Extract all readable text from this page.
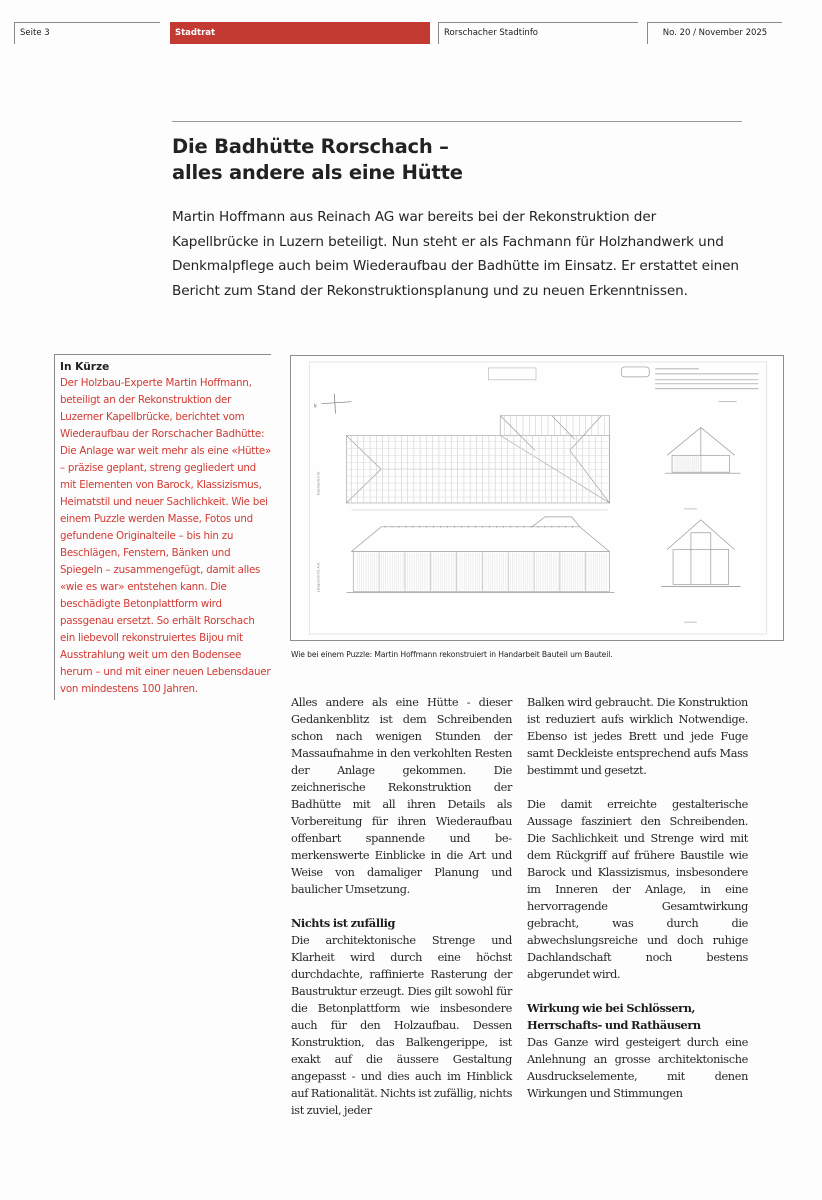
Seite 3	Stadtrat	Rorschacher Stadtinfo	No. 20 / November 2025
Die Badhütte Rorschach –
alles andere als eine Hütte

Martin Hoffmann aus Reinach AG war bereits bei der Rekonstruktion der Kapellbrücke in Luzern beteiligt. Nun steht er als Fachmann für Holzhandwerk und Denkmalpflege auch beim Wiederaufbau der Badhütte im Einsatz. Er erstattet einen Bericht zum Stand der Rekonstruktionsplanung und zu neuen Erkenntnissen.

In Kürze
Der Holzbau-Experte Martin Hoffmann, beteiligt an der Rekonstruktion der Luzerner Kapellbrücke, berichtet vom Wiederaufbau der Rorschacher Badhütte: Die Anlage war weit mehr als eine «Hütte» – präzise geplant, streng gegliedert und mit Elementen von Barock, Klassizismus, Heimatstil und neuer Sachlichkeit. Wie bei einem Puzzle werden Masse, Fotos und gefundene Originalteile – bis hin zu Beschlägen, Fenstern, Bänken und Spiegeln – zusammengefügt, damit alles «wie es war» entstehen kann. Die beschädigte Betonplattform wird passgenau ersetzt. So erhält Rorschach ein liebevoll rekonstruiertes Bijou mit Ausstrahlung weit um den Bodensee herum – und mit einer neuen Lebensdauer von mindestens 100 Jahren.
N
Dachaufsicht
Längsschnitt A-A

Wie bei einem Puzzle: Martin Hoffmann rekonstruiert in Handarbeit Bauteil um Bauteil.

Alles andere als eine Hütte - dieser Gedankenblitz ist dem Schreibenden schon nach wenigen Stunden der Massaufnahme in den verkohlten Resten der Anlage gekommen. Die zeichnerische Rekonstruktion der Badhütte mit all ihren Details als Vorbereitung für ihren Wiederaufbau offenbart spannende und bemerkenswerte Einblicke in die Art und Weise von damaliger Planung und baulicher Umsetzung.

Nichts ist zufällig

Die architektonische Strenge und Klarheit wird durch eine höchst durchdachte, raffinierte Rasterung der Baustruktur erzeugt. Dies gilt sowohl für die Betonplattform wie insbesondere auch für den Holzaufbau. Dessen Konstruktion, das Balkengerippe, ist exakt auf die äussere Gestaltung angepasst - und dies auch im Hinblick auf Rationalität. Nichts ist zufällig, nichts ist zuviel, jeder

Balken wird gebraucht. Die Konstruktion ist reduziert aufs wirklich Notwendige. Ebenso ist jedes Brett und jede Fuge samt Deckleiste entsprechend aufs Mass bestimmt und gesetzt.

Die damit erreichte gestalterische Aussage fasziniert den Schreibenden. Die Sachlichkeit und Strenge wird mit dem Rückgriff auf frühere Baustile wie Barock und Klassizismus, insbesondere im Inneren der Anlage, in eine hervorragende Gesamtwirkung gebracht, was durch die abwechslungsreiche und doch ruhige Dachlandschaft noch bestens abgerundet wird.

Wirkung wie bei Schlössern, Herrschafts- und Rathäusern

Das Ganze wird gesteigert durch eine Anlehnung an grosse architektonische Ausdruckselemente, mit denen Wirkungen und Stimmungen
